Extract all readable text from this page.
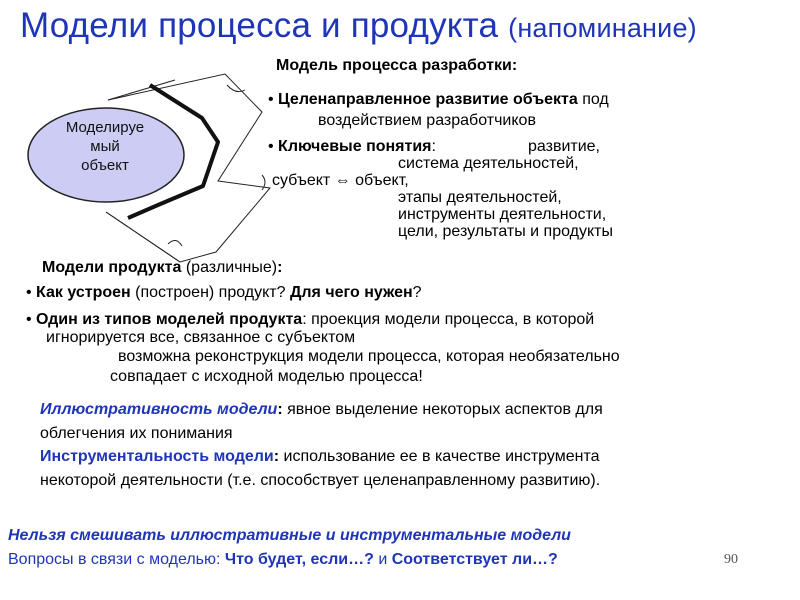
Модели процесса и продукта (напоминание)
Моделируе
мый
объект
Модель процесса разработки:
• Целенаправленное развитие объекта под
воздействием разработчиков
• Ключевые понятия:	развитие,
система деятельностей,
субъект ⇔ объект,
этапы деятельностей,
инструменты деятельности,
цели, результаты и продукты
Модели продукта (различные):
• Как устроен (построен) продукт? Для чего нужен?
• Один из типов моделей продукта: проекция модели процесса, в которой
игнорируется все, связанное с субъектом
возможна реконструкция модели процесса, которая необязательно
совпадает с исходной моделью процесса!
Иллюстративность модели: явное выделение некоторых аспектов для
облегчения их понимания
Инструментальность модели: использование ее в качестве инструмента
некоторой деятельности (т.е. способствует целенаправленному развитию).
Нельзя смешивать иллюстративные и инструментальные модели
Вопросы в связи с моделью: Что будет, если…? и Соответствует ли…?	90
